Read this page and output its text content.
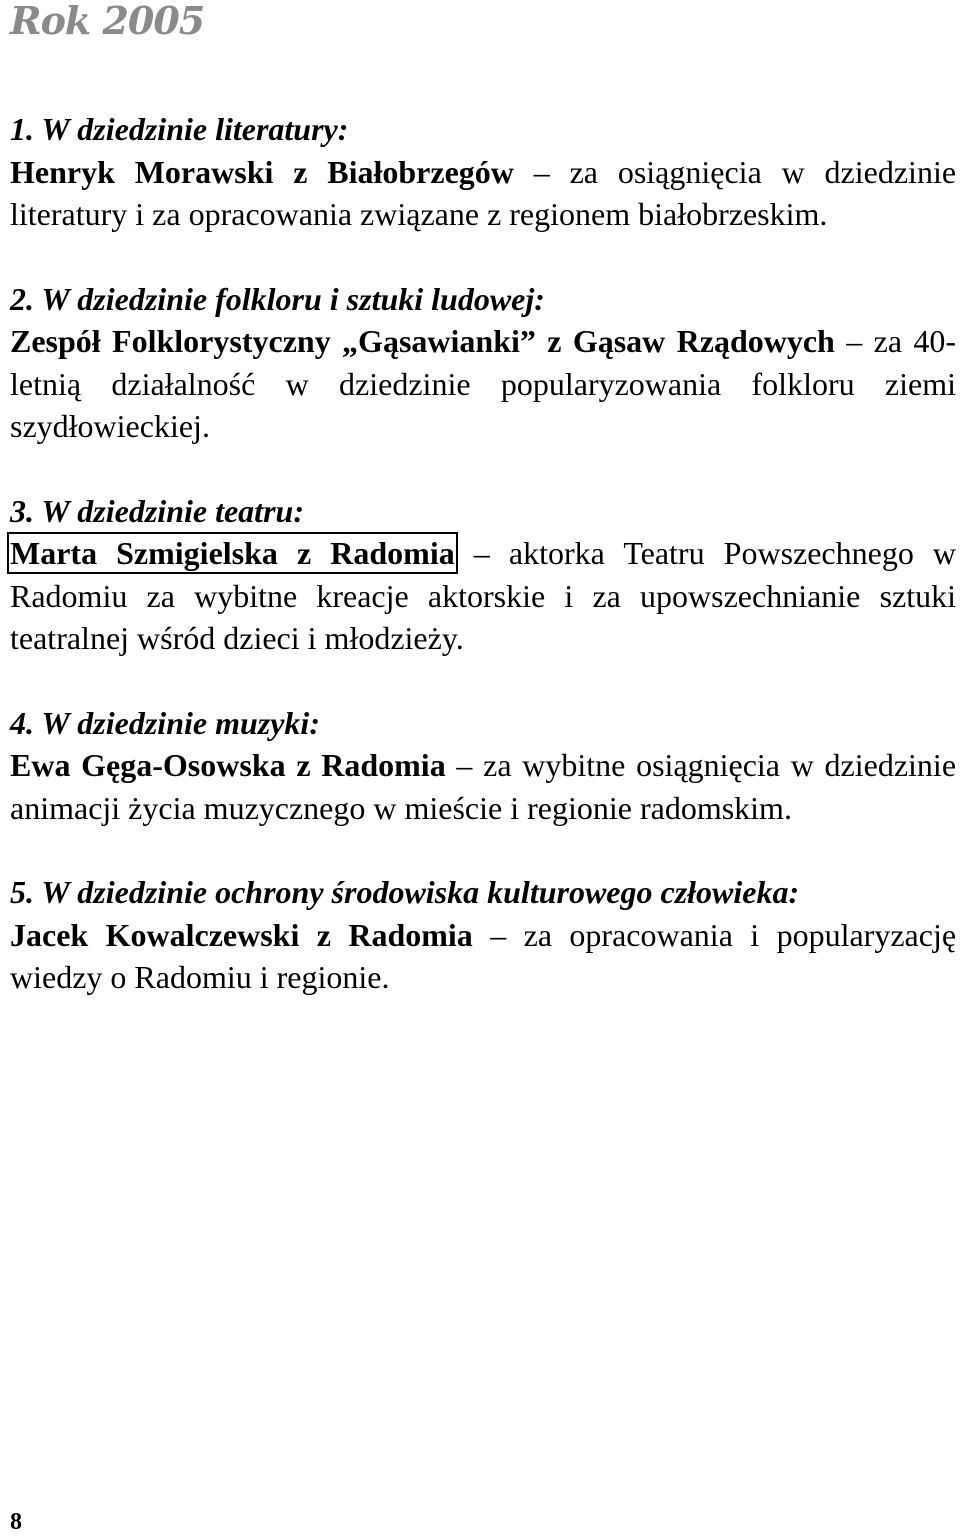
Rok 2005

1. W dziedzinie literatury:

Henryk Morawski z Białobrzegów – za osiągnięcia w dziedzinie literatury i za opracowania związane z regionem białobrzeskim.

2. W dziedzinie folkloru i sztuki ludowej:

Zespół Folklorystyczny „Gąsawianki” z Gąsaw Rządowych – za 40-letnią działalność w dziedzinie popularyzowania folkloru ziemi szydłowieckiej.

3. W dziedzinie teatru:

Marta Szmigielska z Radomia – aktorka Teatru Powszechnego w Radomiu za wybitne kreacje aktorskie i za upowszechnianie sztuki teatralnej wśród dzieci i młodzieży.

4. W dziedzinie muzyki:

Ewa Gęga-Osowska z Radomia – za wybitne osiągnięcia w dziedzinie animacji życia muzycznego w mieście i regionie radomskim.

5. W dziedzinie ochrony środowiska kulturowego człowieka:

Jacek Kowalczewski z Radomia – za opracowania i popularyzację wiedzy o Radomiu i regionie.

8
